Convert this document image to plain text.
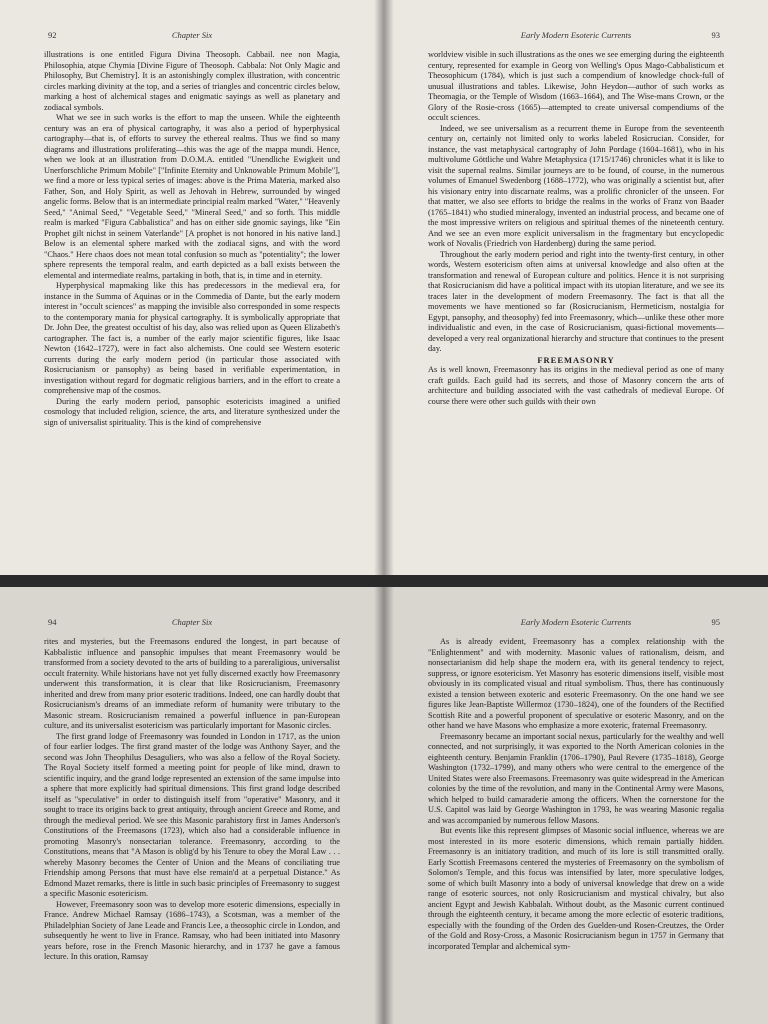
92	Chapter Six

illustrations is one entitled Figura Divina Theosoph. Cabbail. nee non Magia, Philosophia, atque Chymia [Divine Figure of Theosoph. Cabbala: Not Only Magic and Philosophy, But Chemistry]. It is an astonishingly complex illustration, with concentric circles marking divinity at the top, and a series of triangles and concentric circles below, marking a host of alchemical stages and enigmatic sayings as well as planetary and zodiacal symbols.

What we see in such works is the effort to map the unseen. While the eighteenth century was an era of physical cartography, it was also a period of hyperphysical cartography—that is, of efforts to survey the ethereal realms. Thus we find so many diagrams and illustrations proliferating—this was the age of the mappa mundi. Hence, when we look at an illustration from D.O.M.A. entitled "Unendliche Ewigkeit und Unerforschliche Primum Mobile" ["Infinite Eternity and Unknowable Primum Mobile"], we find a more or less typical series of images: above is the Prima Materia, marked also Father, Son, and Holy Spirit, as well as Jehovah in Hebrew, surrounded by winged angelic forms. Below that is an intermediate principial realm marked "Water," "Heavenly Seed," "Animal Seed," "Vegetable Seed," "Mineral Seed," and so forth. This middle realm is marked "Figura Cabbalistica" and has on either side gnomic sayings, like "Ein Prophet gilt nichst in seinem Vaterlande" [A prophet is not honored in his native land.] Below is an elemental sphere marked with the zodiacal signs, and with the word "Chaos." Here chaos does not mean total confusion so much as "potentiality"; the lower sphere represents the temporal realm, and earth depicted as a ball exists between the elemental and intermediate realms, partaking in both, that is, in time and in eternity.

Hyperphysical mapmaking like this has predecessors in the medieval era, for instance in the Summa of Aquinas or in the Commedia of Dante, but the early modern interest in "occult sciences" as mapping the invisible also corresponded in some respects to the contemporary mania for physical cartography. It is symbolically appropriate that Dr. John Dee, the greatest occultist of his day, also was relied upon as Queen Elizabeth's cartographer. The fact is, a number of the early major scientific figures, like Isaac Newton (1642–1727), were in fact also alchemists. One could see Western esoteric currents during the early modern period (in particular those associated with Rosicrucianism or pansophy) as being based in verifiable experimentation, in investigation without regard for dogmatic religious barriers, and in the effort to create a comprehensive map of the cosmos.

During the early modern period, pansophic esotericists imagined a unified cosmology that included religion, science, the arts, and literature synthesized under the sign of universalist spirituality. This is the kind of comprehensive

Early Modern Esoteric Currents	93

worldview visible in such illustrations as the ones we see emerging during the eighteenth century, represented for example in Georg von Welling's Opus Mago-Cabbalisticum et Theosophicum (1784), which is just such a compendium of knowledge chock-full of unusual illustrations and tables. Likewise, John Heydon—author of such works as Theomagia, or the Temple of Wisdom (1663–1664), and The Wise-mans Crown, or the Glory of the Rosie-cross (1665)—attempted to create universal compendiums of the occult sciences.

Indeed, we see universalism as a recurrent theme in Europe from the seventeenth century on, certainly not limited only to works labeled Rosicrucian. Consider, for instance, the vast metaphysical cartography of John Pordage (1604–1681), who in his multivolume Göttliche und Wahre Metaphysica (1715/1746) chronicles what it is like to visit the supernal realms. Similar journeys are to be found, of course, in the numerous volumes of Emanuel Swedenborg (1688–1772), who was originally a scientist but, after his visionary entry into discarnate realms, was a prolific chronicler of the unseen. For that matter, we also see efforts to bridge the realms in the works of Franz von Baader (1765–1841) who studied mineralogy, invented an industrial process, and became one of the most impressive writers on religious and spiritual themes of the nineteenth century. And we see an even more explicit universalism in the fragmentary but encyclopedic work of Novalis (Friedrich von Hardenberg) during the same period.

Throughout the early modern period and right into the twenty-first century, in other words, Western esotericism often aims at universal knowledge and also often at the transformation and renewal of European culture and politics. Hence it is not surprising that Rosicrucianism did have a political impact with its utopian literature, and we see its traces later in the development of modern Freemasonry. The fact is that all the movements we have mentioned so far (Rosicrucianism, Hermeticism, nostalgia for Egypt, pansophy, and theosophy) fed into Freemasonry, which—unlike these other more individualistic and even, in the case of Rosicrucianism, quasi-fictional movements—developed a very real organizational hierarchy and structure that continues to the present day.

FREEMASONRY

As is well known, Freemasonry has its origins in the medieval period as one of many craft guilds. Each guild had its secrets, and those of Masonry concern the arts of architecture and building associated with the vast cathedrals of medieval Europe. Of course there were other such guilds with their own

94	Chapter Six

rites and mysteries, but the Freemasons endured the longest, in part because of Kabbalistic influence and pansophic impulses that meant Freemasonry would be transformed from a society devoted to the arts of building to a pareraligious, universalist occult fraternity. While historians have not yet fully discerned exactly how Freemasonry underwent this transformation, it is clear that like Rosicrucianism, Freemasonry inherited and drew from many prior esoteric traditions. Indeed, one can hardly doubt that Rosicrucianism's dreams of an immediate reform of humanity were tributary to the Masonic stream. Rosicrucianism remained a powerful influence in pan-European culture, and its universalist esotericism was particularly important for Masonic circles.

The first grand lodge of Freemasonry was founded in London in 1717, as the union of four earlier lodges. The first grand master of the lodge was Anthony Sayer, and the second was John Theophilus Desaguliers, who was also a fellow of the Royal Society. The Royal Society itself formed a meeting point for people of like mind, drawn to scientific inquiry, and the grand lodge represented an extension of the same impulse into a sphere that more explicitly had spiritual dimensions. This first grand lodge described itself as "speculative" in order to distinguish itself from "operative" Masonry, and it sought to trace its origins back to great antiquity, through ancient Greece and Rome, and through the medieval period. We see this Masonic parahistory first in James Anderson's Constitutions of the Freemasons (1723), which also had a considerable influence in promoting Masonry's nonsectarian tolerance. Freemasonry, according to the Constitutions, means that "A Mason is oblig'd by his Tenure to obey the Moral Law . . . whereby Masonry becomes the Center of Union and the Means of conciliating true Friendship among Persons that must have else remain'd at a perpetual Distance." As Edmond Mazet remarks, there is little in such basic principles of Freemasonry to suggest a specific Masonic esotericism.

However, Freemasonry soon was to develop more esoteric dimensions, especially in France. Andrew Michael Ramsay (1686–1743), a Scotsman, was a member of the Philadelphian Society of Jane Leade and Francis Lee, a theosophic circle in London, and subsequently he went to live in France. Ramsay, who had been initiated into Masonry years before, rose in the French Masonic hierarchy, and in 1737 he gave a famous lecture. In this oration, Ramsay

Early Modern Esoteric Currents	95

As is already evident, Freemasonry has a complex relationship with the "Enlightenment" and with modernity. Masonic values of rationalism, deism, and nonsectarianism did help shape the modern era, with its general tendency to reject, suppress, or ignore esotericism. Yet Masonry has esoteric dimensions itself, visible most obviously in its complicated visual and ritual symbolism. Thus, there has continuously existed a tension between exoteric and esoteric Freemasonry. On the one hand we see figures like Jean-Baptiste Willermoz (1730–1824), one of the founders of the Rectified Scottish Rite and a powerful proponent of speculative or esoteric Masonry, and on the other hand we have Masons who emphasize a more exoteric, fraternal Freemasonry.

Freemasonry became an important social nexus, particularly for the wealthy and well connected, and not surprisingly, it was exported to the North American colonies in the eighteenth century. Benjamin Franklin (1706–1790), Paul Revere (1735–1818), George Washington (1732–1799), and many others who were central to the emergence of the United States were also Freemasons. Freemasonry was quite widespread in the American colonies by the time of the revolution, and many in the Continental Army were Masons, which helped to build camaraderie among the officers. When the cornerstone for the U.S. Capitol was laid by George Washington in 1793, he was wearing Masonic regalia and was accompanied by numerous fellow Masons.

But events like this represent glimpses of Masonic social influence, whereas we are most interested in its more esoteric dimensions, which remain partially hidden. Freemasonry is an initiatory tradition, and much of its lore is still transmitted orally. Early Scottish Freemasons centered the mysteries of Freemasonry on the symbolism of Solomon's Temple, and this focus was intensified by later, more speculative lodges, some of which built Masonry into a body of universal knowledge that drew on a wide range of esoteric sources, not only Rosicrucianism and mystical chivalry, but also ancient Egypt and Jewish Kabbalah. Without doubt, as the Masonic current continued through the eighteenth century, it became among the more eclectic of esoteric traditions, especially with the founding of the Orden des Guelden-und Rosen-Creutzes, the Order of the Gold and Rosy-Cross, a Masonic Rosicrucianism begun in 1757 in Germany that incorporated Templar and alchemical sym-
